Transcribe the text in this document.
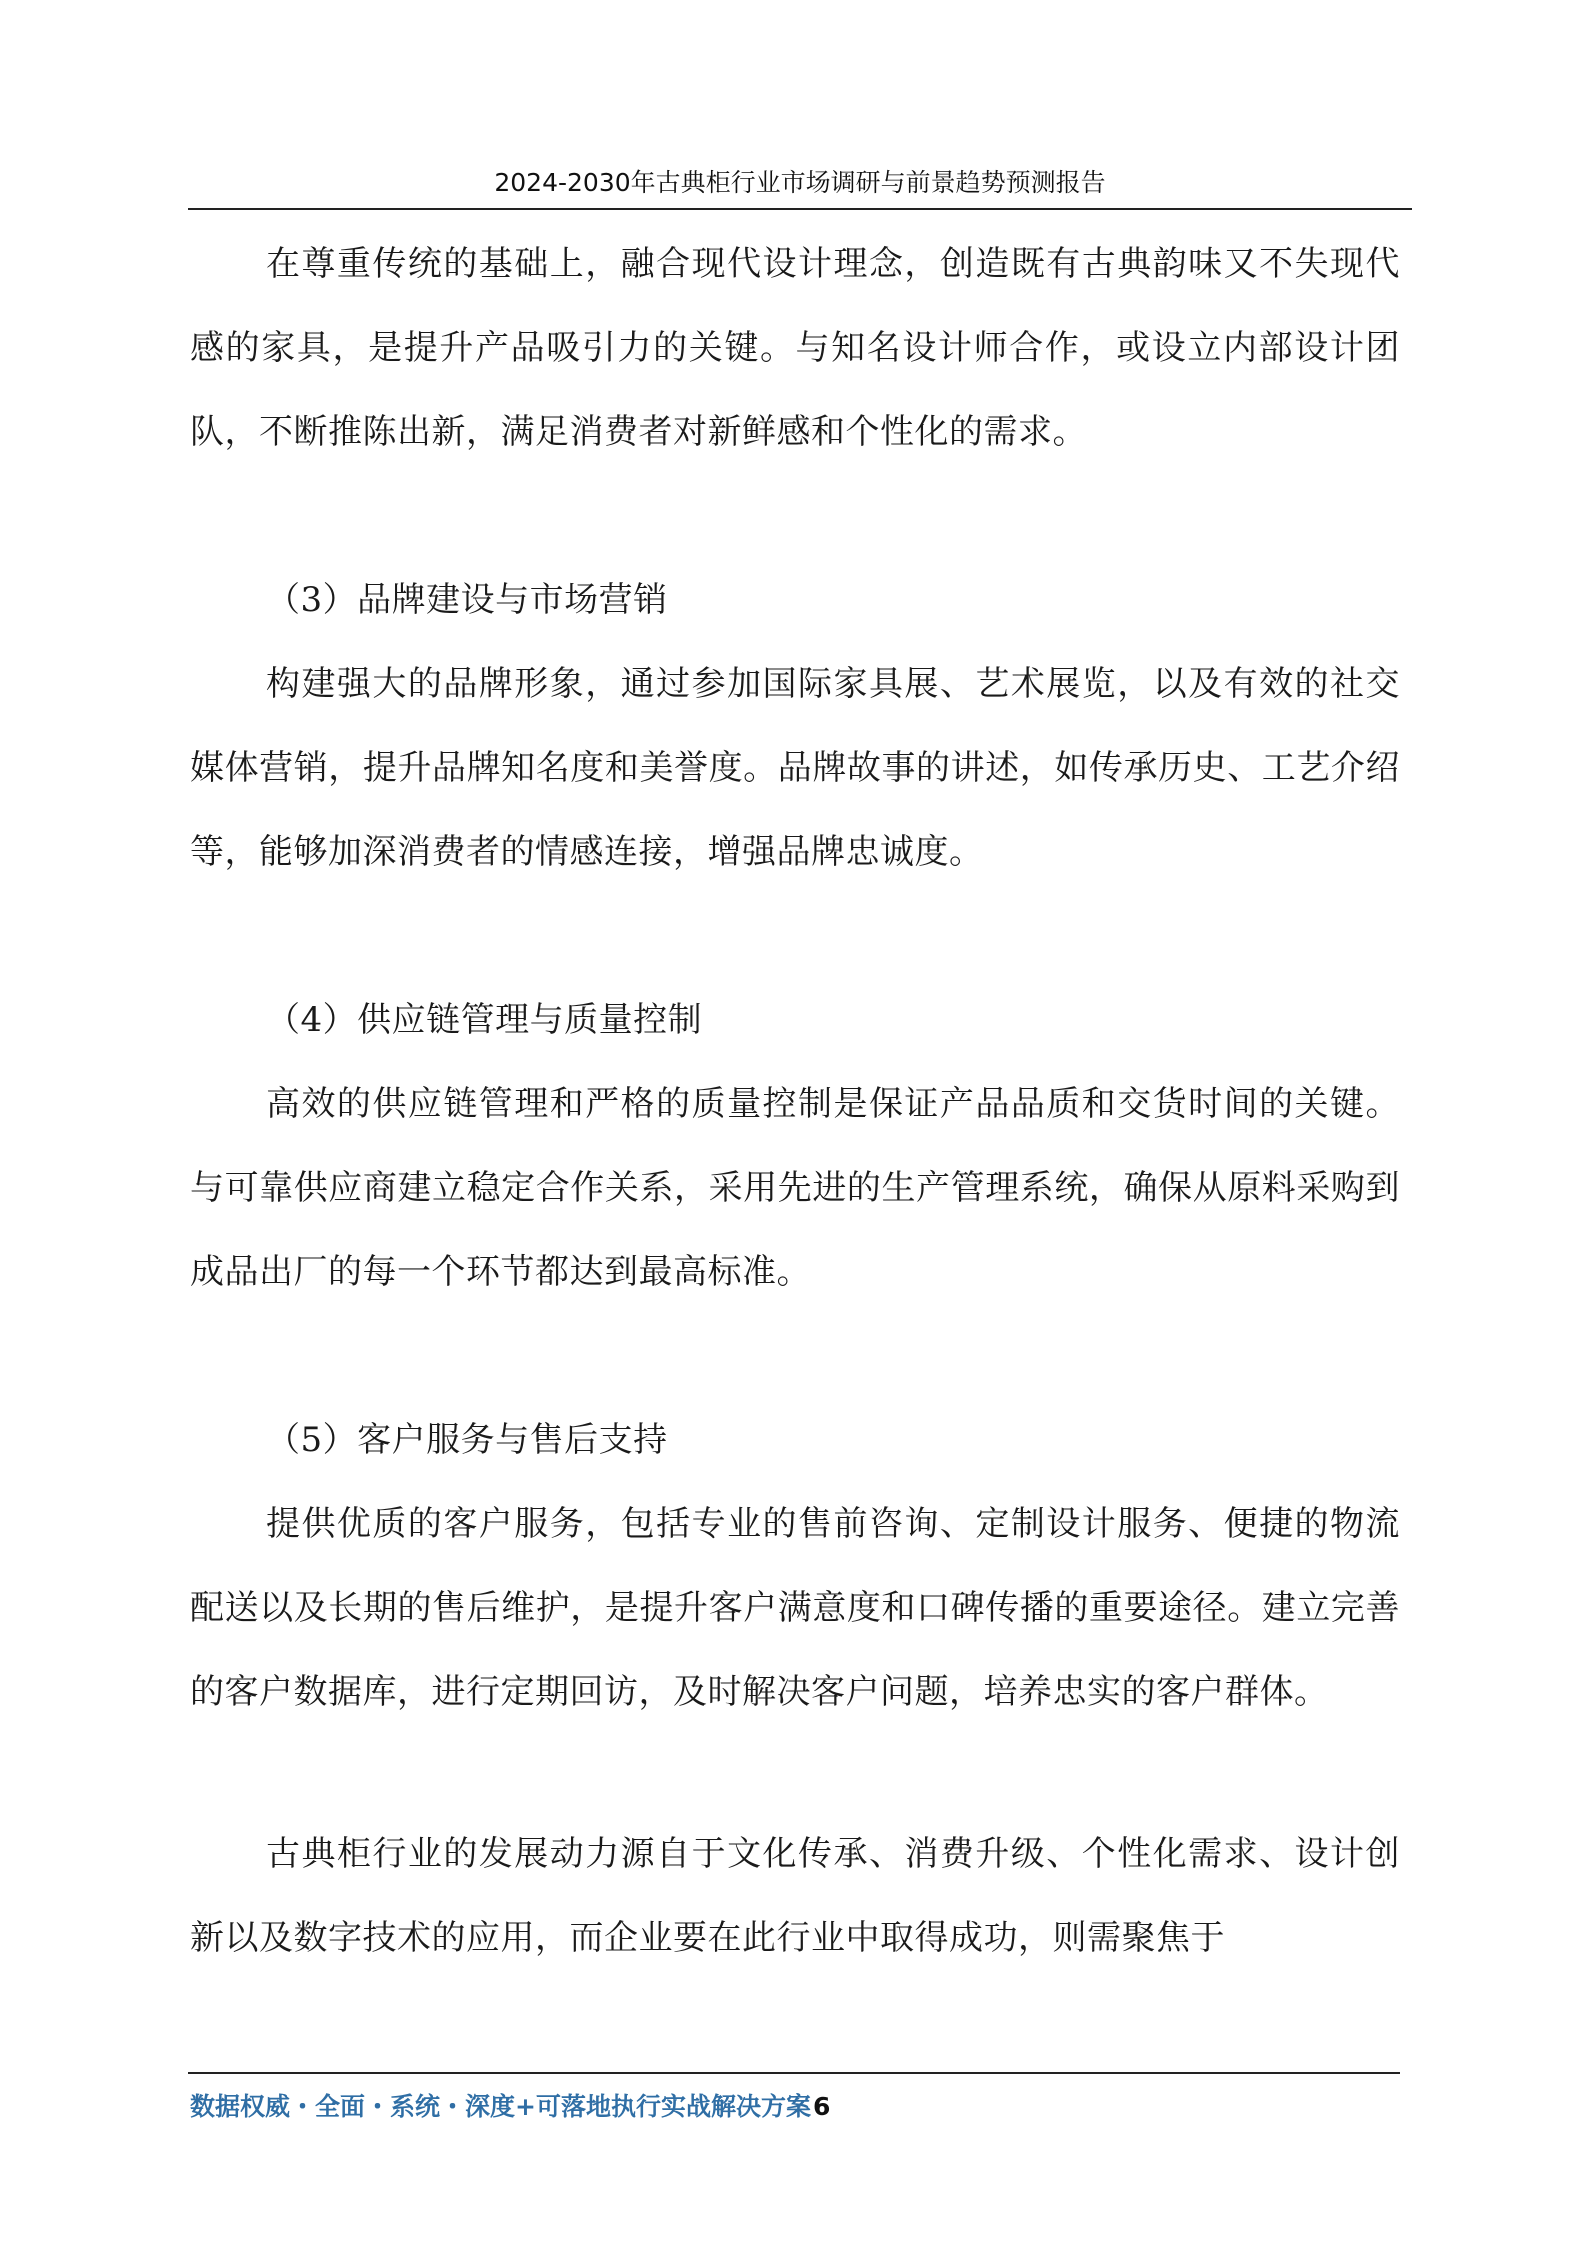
2024-2030年古典柜行业市场调研与前景趋势预测报告

在尊重传统的基础上，融合现代设计理念，创造既有古典韵味又不失现代感的家具，是提升产品吸引力的关键。与知名设计师合作，或设立内部设计团队，不断推陈出新，满足消费者对新鲜感和个性化的需求。

（3）品牌建设与市场营销

构建强大的品牌形象，通过参加国际家具展、艺术展览，以及有效的社交媒体营销，提升品牌知名度和美誉度。品牌故事的讲述，如传承历史、工艺介绍等，能够加深消费者的情感连接，增强品牌忠诚度。

（4）供应链管理与质量控制

高效的供应链管理和严格的质量控制是保证产品品质和交货时间的关键。与可靠供应商建立稳定合作关系，采用先进的生产管理系统，确保从原料采购到成品出厂的每一个环节都达到最高标准。

（5）客户服务与售后支持

提供优质的客户服务，包括专业的售前咨询、定制设计服务、便捷的物流配送以及长期的售后维护，是提升客户满意度和口碑传播的重要途径。建立完善的客户数据库，进行定期回访，及时解决客户问题，培养忠实的客户群体。

古典柜行业的发展动力源自于文化传承、消费升级、个性化需求、设计创新以及数字技术的应用，而企业要在此行业中取得成功，则需聚焦于

数据权威・全面・系统・深度+可落地执行实战解决方案6
